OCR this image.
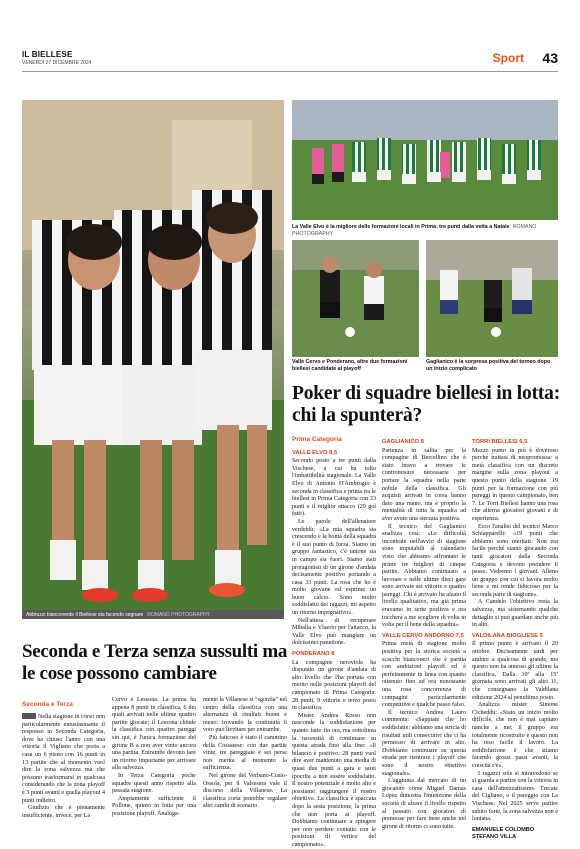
IL BIELLESE
VENERDÌ 27 DICEMBRE 2024	Sport 43
Abbruzzi biancoverde il Biellese sta facendo segnare ROMANO PHOTOGRAPHY
La Valle Elvo è la migliore delle formazioni locali in Prima: tre punti dalla vetta a Natale ROMANO PHOTOGRAPHY
Valle Cervo e Ponderano, altre due formazioni biellesi candidate ai playoff
Gaglianico è la sorpresa positiva del torneo dopo un inizio complicato
Poker di squadre biellesi in lotta: chi la spunterà?
Prima Categoria
VALLE ELVO 8,5

Secondo posto a tre punti dalla Vischese, a cui ha tolto l'imbattibilità stagionale. La Valle Elvo di Antonio D'Ambrogio è seconda in classifica e prima tra le biellesi in Prima Categoria con 33 punti e il miglior attacco (29 gol fatti).

Le parole dell'allenatore verdeblù: «La mia squadra sta crescendo e la bontà della squadra è il suo punto di forza. Siamo un gruppo fantastico, c'è unione sia in campo sia fuori. Siamo stati protagonisti di un girone d'andata decisamente positivo portando a casa 33 punti. La rosa che ho è molto giovane ed esprime un buon calcio. Sono molto soddisfatto dei ragazzi, mi aspetto un ritorno impegnativo».

Nell'attesa di recuperare Mihalla e Vlaerio per l'attacco, la Valle Elvo può mangiare un dolcissimo panettone.

PONDERANO 8

La compagine neroviola ha disputato un girone d'andata di alto livello che l'ha portata con merito nelle posizioni playoff del campionato di Prima Categoria: 28 punti, 9 vittorie e terzo posto in classifica.

Mister Andrea Rosso non nasconde la soddisfazione per quanto fatto fin ora, ma sottolinea la necessità di continuare su questa strada fino alla fine: «Il bilancio è positivo; 28 punti vuol dire aver mantenuto una media di quasi due punti a gara e sarei ipocrita a non essere soddisfatto. Il nostro potenziale è molto alto e possiamo raggiungere il nostro obiettivo. La classifica è spaccata dopo la sesta posizione, la prima che non porta ai playoff. Dobbiamo continuare a spingere per non perdere contatto con le posizioni di vertice del campionato».

GAGLIANICO 8

Partenza in salita per la compagine di Bercellino che è stato bravo a trovare le contromisure necessarie per portare la squadra nella parte nobile della classifica. Gli acquisti arrivati in corsa hanno dato una mano, ma è proprio la mentalità di tutta la squadra ad aver avuto una sterzata positiva.

Il tecnico del Gaglianico analizza così: «Le difficoltà incontrate nell'avvio di stagione sono imputabili al calendario visto che abbiamo affrontato le prime tre migliori di cinque partite. Abbiamo continuato a lavorare e nelle ultime dieci gare sono arrivate sei vittorie e quattro pareggi. Chi è arrivato ha alzato il livello qualitativo, ma già prima eravamo in serie positiva e ora toccherà a me scegliere di volta in volta per il bene della squadra».

VALLE CERVO ANDORNO 7,5

Prima metà di stagione molto positiva per la storica società a scacchi bianconeri che è partita con ambizioni playoff ed è perfettamente in linea con quanto ottenuto fino ad ora nonostante una rosa concorrenza di compagini particolarmente competitive e qualche passo falso.

Il tecnico Andrea Lauro commenta: «Sappiate che ho soddisfatte: abbiamo una stricia di risultati utili consecutivi che ci ha permesso di arrivare in alto. Dobbiamo continuare su questa strada per rientrare i playoff che sono il nostro obiettivo stagionale».

L'aggiunta dal mercato di un giocatore come Miguel Damas Lopez dimostra l'intenzione della società di alzare il livello rispetto al passato con giocatori di premesse per fare bene anche nel girone di ritorno ci sono tutte.

TORRI BIELLESI 6,5

Mezzo punto in più è doveroso perché trattasi di neopromossa: a metà classifica con un discreto margine sulla zona playout a questo punto della stagione. 19 punti per la formazione con più pareggi in questo campionato, ben 7. Le Torri Biellesi hanno una rosa che alterna giocatori giovani e di esperienza.

Ecco l'analisi del tecnico Marco Schiapparelli: «19 punti che abbiamo sono meritati. Non era facile perché siamo giocando con tanti giocatori dalla Seconda Categoria e devono prendere il passo. Vedremo i giovani. Alleno un gruppo con cui si lavora molto bene e mi rende fiducioso per la seconda parte di stagione».

A Candelo l'obiettivo resta la salvezza, ma sistemando qualche dettaglio si può guardare anche più in alto.

VALDILANA BIOGLIESE 5

Il primo punto è arrivato il 20 ottobre. Decisamente tardi per ambire a qualcosa di grande, ma questo non ha amesso gli ultime la classifica. Dalla 10ª alla 15ª giornata sono arrivati gli altri 11, che consegnano la Valdilana edizione 2024 al penultimo posto.

Analizza mister Simone Cicheddu: «Stato un inizio molto difficile, che non è mai capitato nanche a me; il gruppo era totalmente ricostruito e questo non ha reso facile il lavoro. La soddisfazione è che stiamo facendo grossi passi avanti, la crescita c'è».

I ragazzi sole si intravedono se si guarda a partire con la vittoria in casa dell'attrezzatissimo Trecate del Cigliano, o il pareggio con La Vischese. Nel 2025 serve partire subito forte, la zona salvezza non è lontana.

EMANUELE COLOMBO
STEFANO VILLA
Seconda e Terza senza sussulti ma le cose possono cambiare
Seconda e Terza

Nella stagione in corso non particolarmente entusiasmante il responso in Seconda Categoria, dove ha chiuso l'anno con una vittoria il Vigliano che porta a casa un 6 pieno con 16 punti in 13 partite che al momento vuol dire la zona salvezza ma che possono trasformarsi in qualcosa considerando che la zona playoff è 3 punti avanti e quella playout 4 punti indietro.

Giudizio che è pienamente insufficiente, invece, per La

Cervo e Lessona. La prima ha appena 8 punti in classifica, 6 dei quali arrivati nelle ultime quattro partite giocate; il Lessona chiude la classifica con quattro pareggi sin qui, è l'unica formazione del girone B a non aver vinto ancora una partita. Entrambe devono fare un ritorno importante per arrivare alla salvezza.

In Terza Categoria poche squadre questi anno rispetto alla passata stagione.

Ampiamente sufficiente il Pollone, quinto in lotta per una posizione playoff. Analoga-

mente la Villanese si "sgonfia" nel centro della classifica con una alternanza di risultati buoni e meno: trovando la continuità il voto può lievitare per entrambe.

Più faticoso è stato il cammino della Cossatese: con due partite vinte, tre pareggiate e sei perse non merita al momento la sufficienza.

Nel girone del Verbano-Cusio-Ossola, per il Valsesera vale il discorso della Villanese. La classifica corta potrebbe regalare altri cambi di scenario.
